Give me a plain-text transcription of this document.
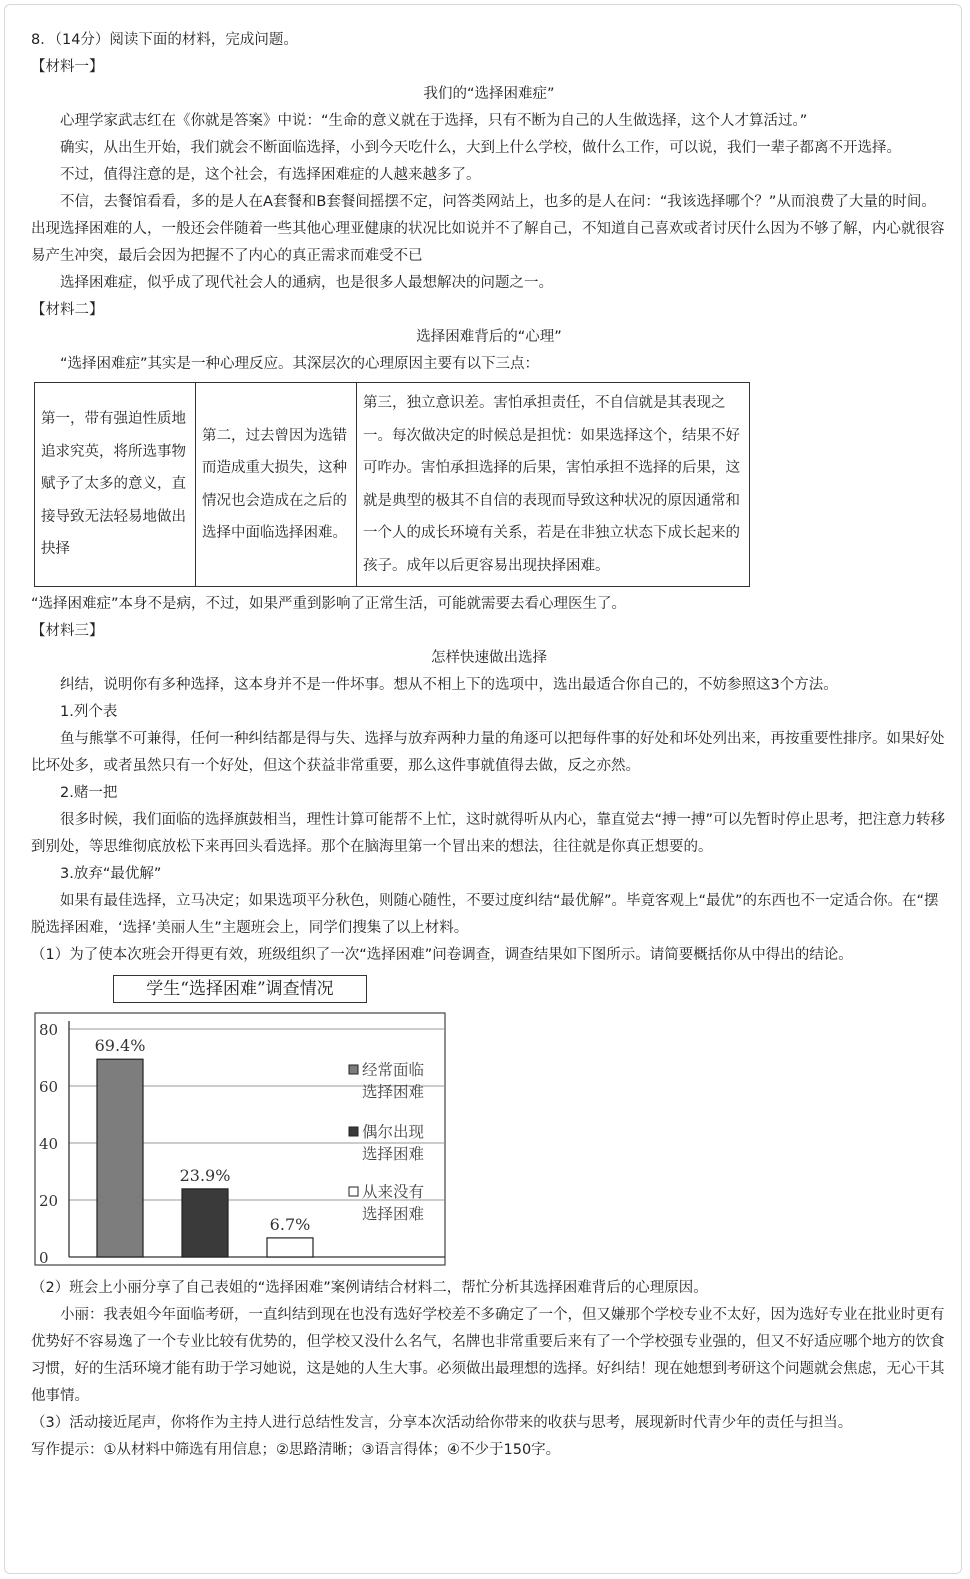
8．（14分）阅读下面的材料，完成问题。

【材料一】

我们的“选择困难症”

心理学家武志红在《你就是答案》中说：“生命的意义就在于选择，只有不断为自己的人生做选择，这个人才算活过。”

确实，从出生开始，我们就会不断面临选择，小到今天吃什么，大到上什么学校，做什么工作，可以说，我们一辈子都离不开选择。

不过，值得注意的是，这个社会，有选择困难症的人越来越多了。

不信，去餐馆看看，多的是人在A套餐和B套餐间摇摆不定，问答类网站上，也多的是人在问：“我该选择哪个？”从而浪费了大量的时间。出现选择困难的人，一般还会伴随着一些其他心理亚健康的状况比如说并不了解自己，不知道自己喜欢或者讨厌什么因为不够了解，内心就很容易产生冲突，最后会因为把握不了内心的真正需求而难受不已

选择困难症，似乎成了现代社会人的通病，也是很多人最想解决的问题之一。

【材料二】

选择困难背后的“心理”

“选择困难症”其实是一种心理反应。其深层次的心理原因主要有以下三点：

第一，带有强迫性质地追求究英，将所选事物赋予了太多的意义，直接导致无法轻易地做出抉择	第二，过去曾因为选错而造成重大损失，这种情况也会造成在之后的选择中面临选择困难。	第三，独立意识差。害怕承担责任，不自信就是其表现之一。每次做决定的时候总是担忧：如果选择这个，结果不好可咋办。害怕承担选择的后果，害怕承担不选择的后果，这就是典型的极其不自信的表现而导致这种状况的原因通常和一个人的成长环境有关系，若是在非独立状态下成长起来的孩子。成年以后更容易出现抉择困难。

“选择困难症”本身不是病，不过，如果严重到影响了正常生活，可能就需要去看心理医生了。

【材料三】

怎样快速做出选择

纠结，说明你有多种选择，这本身并不是一件坏事。想从不相上下的选项中，选出最适合你自己的，不妨参照这3个方法。

1.列个表

鱼与熊掌不可兼得，任何一种纠结都是得与失、选择与放弃两种力量的角逐可以把每件事的好处和坏处列出来，再按重要性排序。如果好处比坏处多，或者虽然只有一个好处，但这个获益非常重要，那么这件事就值得去做，反之亦然。

2.赌一把

很多时候，我们面临的选择旗鼓相当，理性计算可能帮不上忙，这时就得听从内心，靠直觉去“搏一搏”可以先暂时停止思考，把注意力转移到别处，等思维彻底放松下来再回头看选择。那个在脑海里第一个冒出来的想法，往往就是你真正想要的。

3.放弃“最优解”

如果有最佳选择，立马决定；如果选项平分秋色，则随心随性，不要过度纠结“最优解”。毕竟客观上“最优”的东西也不一定适合你。在“摆脱选择困难，‘选择’美丽人生”主题班会上，同学们搜集了以上材料。

（1）为了使本次班会开得更有效，班级组织了一次“选择困难”问卷调查，调查结果如下图所示。请简要概括你从中得出的结论。

学生“选择困难”调查情况
0
20
40
60
80
69.4%
23.9%
6.7%
经常面临
选择困难
偶尔出现
选择困难
从来没有
选择困难

（2）班会上小丽分享了自己表姐的“选择困难”案例请结合材料二，帮忙分析其选择困难背后的心理原因。

小丽：我表姐今年面临考研，一直纠结到现在也没有选好学校差不多确定了一个，但又嫌那个学校专业不太好，因为选好专业在批业时更有优势好不容易逸了一个专业比较有优势的，但学校又没什么名气，名牌也非常重要后来有了一个学校强专业强的，但又不好适应哪个地方的饮食习惯，好的生活环境才能有助于学习她说，这是她的人生大事。必须做出最理想的选择。好纠结！现在她想到考研这个问题就会焦虑，无心干其他事情。

（3）活动接近尾声，你将作为主持人进行总结性发言，分享本次活动给你带来的收获与思考，展现新时代青少年的责任与担当。

写作提示：①从材料中筛选有用信息；②思路清晰；③语言得体；④不少于150字。
